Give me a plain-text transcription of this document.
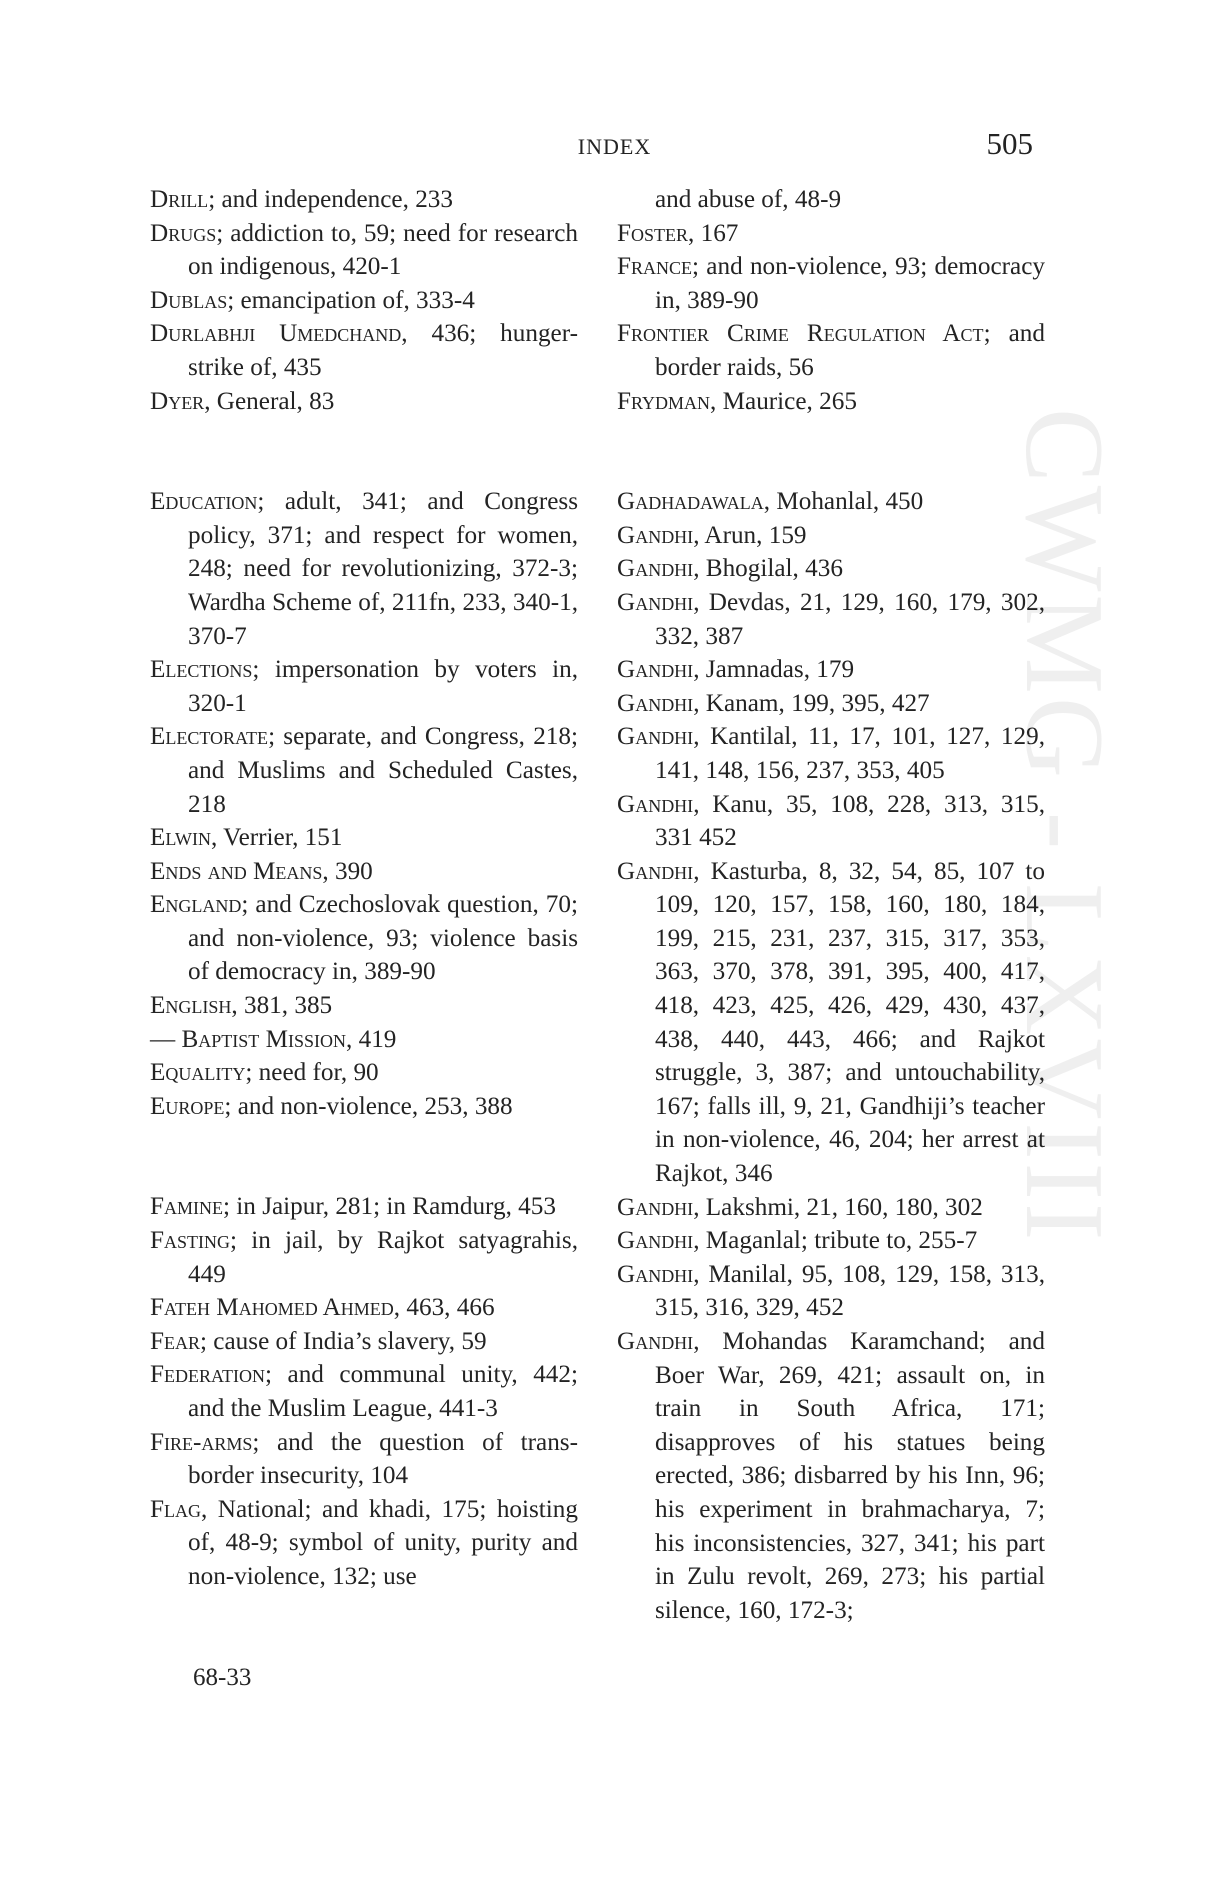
CWMG - LXVIII
INDEX	505
Drill; and independence, 233
Drugs; addiction to, 59; need for research on indigenous, 420-1
Dublas; emancipation of, 333-4
Durlabhji Umedchand, 436; hunger-strike of, 435
Dyer, General, 83
Education; adult, 341; and Congress policy, 371; and respect for women, 248; need for revolutionizing, 372-3; Wardha Scheme of, 211fn, 233, 340-1, 370-7
Elections; impersonation by voters in, 320-1
Electorate; separate, and Congress, 218; and Muslims and Scheduled Castes, 218
Elwin, Verrier, 151
Ends and Means, 390
England; and Czechoslovak question, 70; and non-violence, 93; violence basis of democracy in, 389-90
English, 381, 385
— Baptist Mission, 419
Equality; need for, 90
Europe; and non-violence, 253, 388
Famine; in Jaipur, 281; in Ramdurg, 453
Fasting; in jail, by Rajkot satyagrahis, 449
Fateh Mahomed Ahmed, 463, 466
Fear; cause of India’s slavery, 59
Federation; and communal unity, 442; and the Muslim League, 441-3
Fire-arms; and the question of trans-border insecurity, 104
Flag, National; and khadi, 175; hoisting of, 48-9; symbol of unity, purity and non-violence, 132; use
and abuse of, 48-9
Foster, 167
France; and non-violence, 93; democracy in, 389-90
Frontier Crime Regulation Act; and border raids, 56
Frydman, Maurice, 265
Gadhadawala, Mohanlal, 450
Gandhi, Arun, 159
Gandhi, Bhogilal, 436
Gandhi, Devdas, 21, 129, 160, 179, 302, 332, 387
Gandhi, Jamnadas, 179
Gandhi, Kanam, 199, 395, 427
Gandhi, Kantilal, 11, 17, 101, 127, 129, 141, 148, 156, 237, 353, 405
Gandhi, Kanu, 35, 108, 228, 313, 315, 331 452
Gandhi, Kasturba, 8, 32, 54, 85, 107 to 109, 120, 157, 158, 160, 180, 184, 199, 215, 231, 237, 315, 317, 353, 363, 370, 378, 391, 395, 400, 417, 418, 423, 425, 426, 429, 430, 437, 438, 440, 443, 466; and Rajkot struggle, 3, 387; and untouchability, 167; falls ill, 9, 21, Gandhiji’s teacher in non-violence, 46, 204; her arrest at Rajkot, 346
Gandhi, Lakshmi, 21, 160, 180, 302
Gandhi, Maganlal; tribute to, 255-7
Gandhi, Manilal, 95, 108, 129, 158, 313, 315, 316, 329, 452
Gandhi, Mohandas Karamchand; and Boer War, 269, 421; assault on, in train in South Africa, 171; disapproves of his statues being erected, 386; disbarred by his Inn, 96; his experiment in brahmacharya, 7; his inconsistencies, 327, 341; his part in Zulu revolt, 269, 273; his partial silence, 160, 172-3;
68-33
